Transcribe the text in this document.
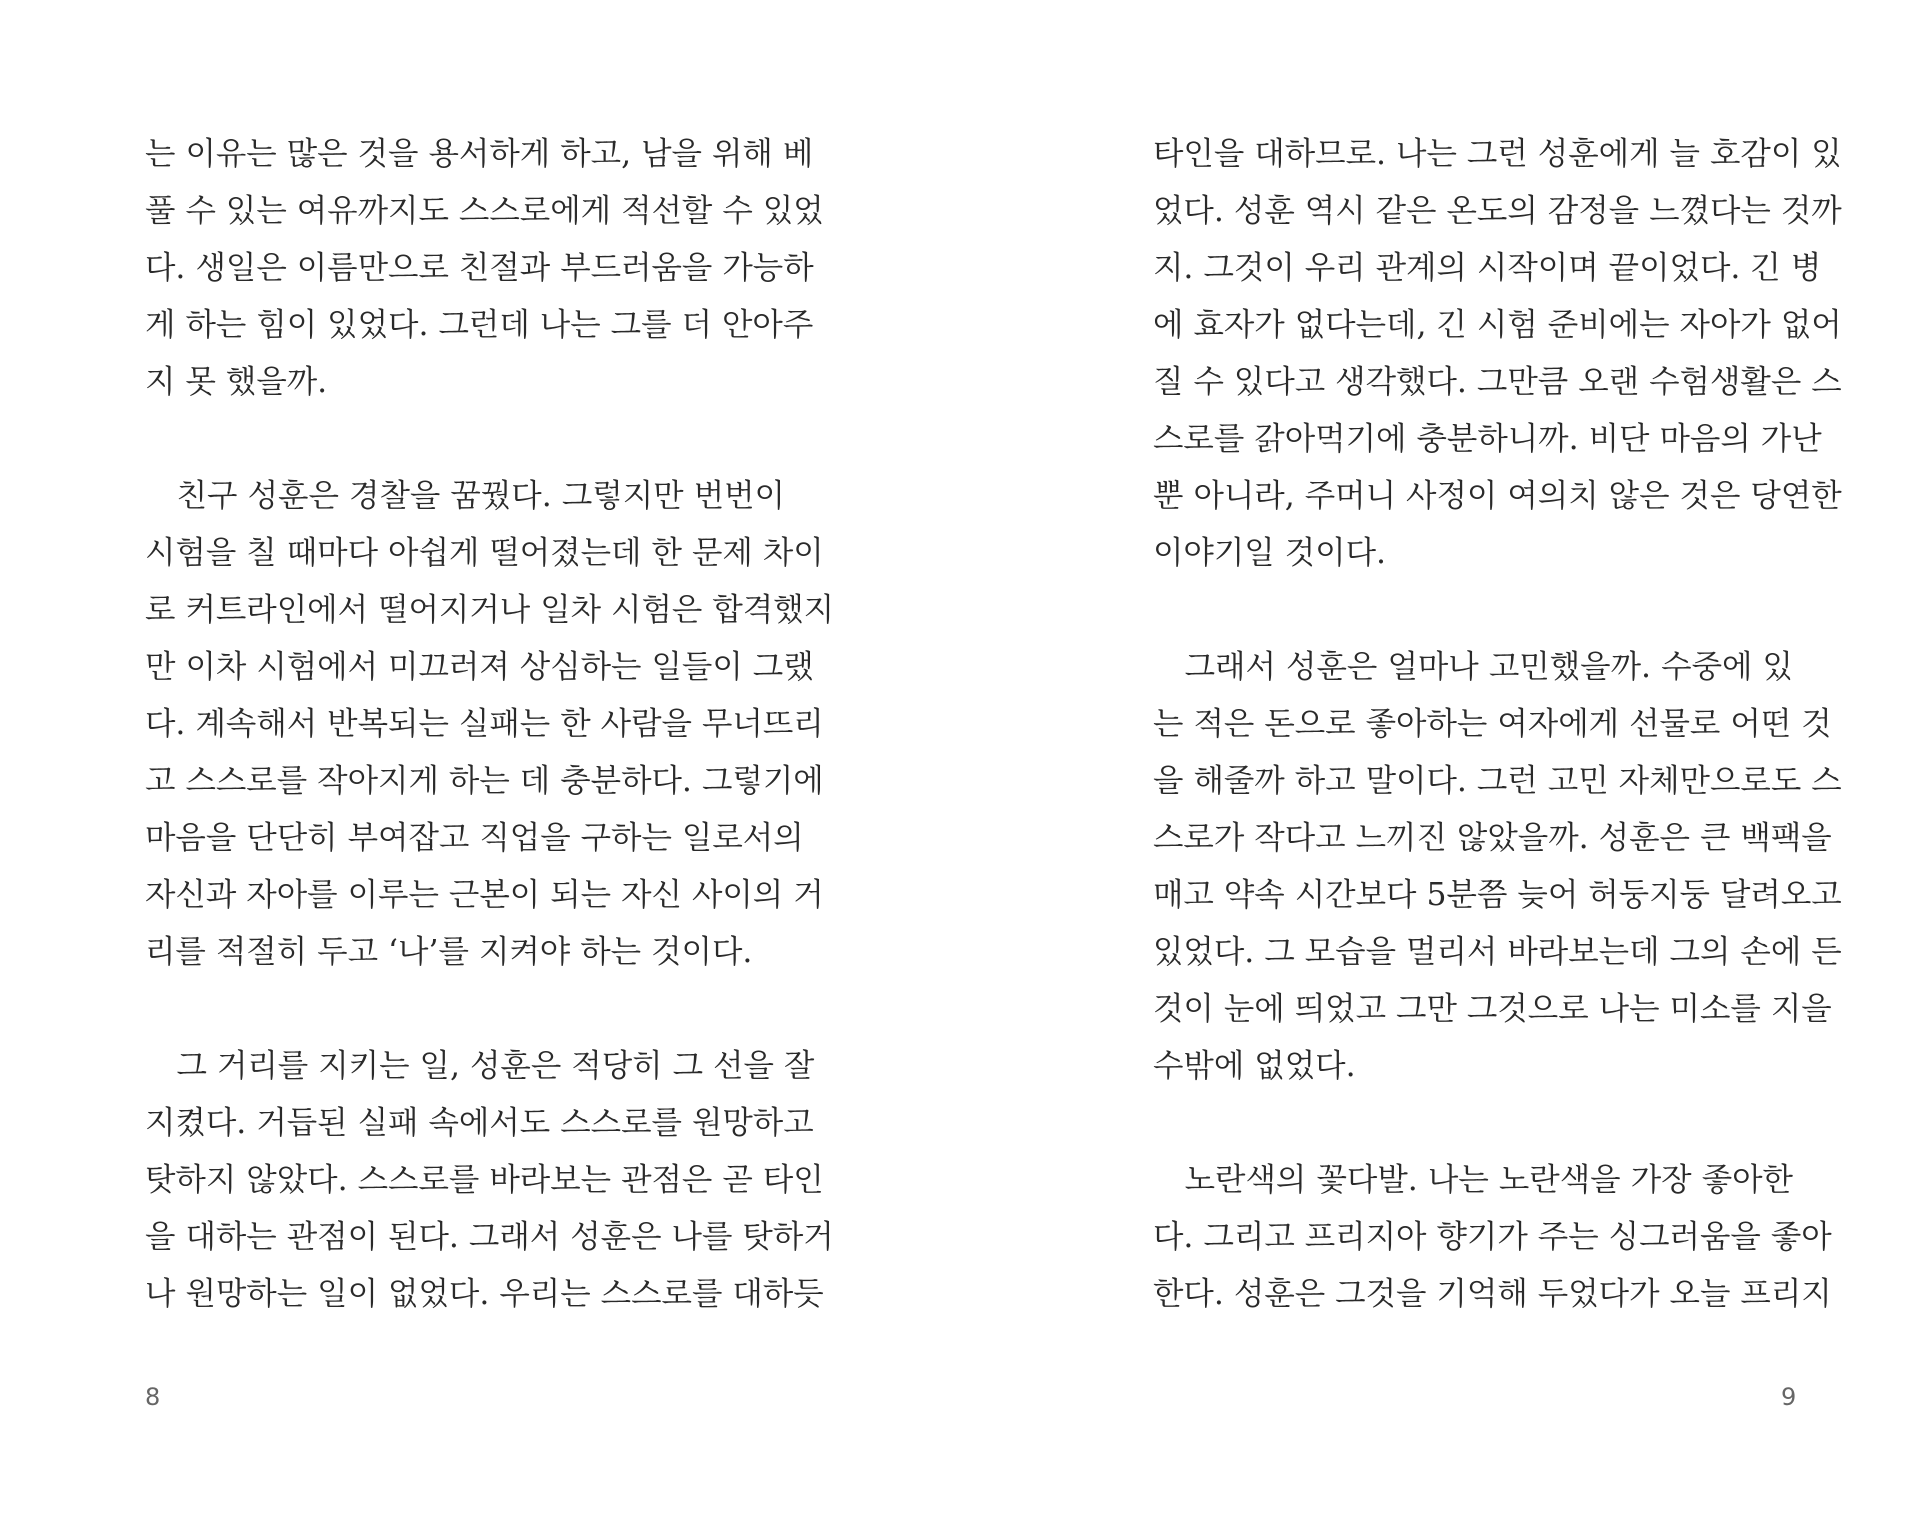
는 이유는 많은 것을 용서하게 하고, 남을 위해 베
풀 수 있는 여유까지도 스스로에게 적선할 수 있었
다. 생일은 이름만으로 친절과 부드러움을 가능하
게 하는 힘이 있었다. 그런데 나는 그를 더 안아주
지 못 했을까.
　친구 성훈은 경찰을 꿈꿨다. 그렇지만 번번이
시험을 칠 때마다 아쉽게 떨어졌는데 한 문제 차이
로 커트라인에서 떨어지거나 일차 시험은 합격했지
만 이차 시험에서 미끄러져 상심하는 일들이 그랬
다. 계속해서 반복되는 실패는 한 사람을 무너뜨리
고 스스로를 작아지게 하는 데 충분하다. 그렇기에
마음을 단단히 부여잡고 직업을 구하는 일로서의
자신과 자아를 이루는 근본이 되는 자신 사이의 거
리를 적절히 두고 ‘나’를 지켜야 하는 것이다.
　그 거리를 지키는 일, 성훈은 적당히 그 선을 잘
지켰다. 거듭된 실패 속에서도 스스로를 원망하고
탓하지 않았다. 스스로를 바라보는 관점은 곧 타인
을 대하는 관점이 된다. 그래서 성훈은 나를 탓하거
나 원망하는 일이 없었다. 우리는 스스로를 대하듯
8
타인을 대하므로. 나는 그런 성훈에게 늘 호감이 있
었다. 성훈 역시 같은 온도의 감정을 느꼈다는 것까
지. 그것이 우리 관계의 시작이며 끝이었다. 긴 병
에 효자가 없다는데, 긴 시험 준비에는 자아가 없어
질 수 있다고 생각했다. 그만큼 오랜 수험생활은 스
스로를 갉아먹기에 충분하니까. 비단 마음의 가난
뿐 아니라, 주머니 사정이 여의치 않은 것은 당연한
이야기일 것이다.
　그래서 성훈은 얼마나 고민했을까. 수중에 있
는 적은 돈으로 좋아하는 여자에게 선물로 어떤 것
을 해줄까 하고 말이다. 그런 고민 자체만으로도 스
스로가 작다고 느끼진 않았을까. 성훈은 큰 백팩을
매고 약속 시간보다 5분쯤 늦어 허둥지둥 달려오고
있었다. 그 모습을 멀리서 바라보는데 그의 손에 든
것이 눈에 띄었고 그만 그것으로 나는 미소를 지을
수밖에 없었다.
　노란색의 꽃다발. 나는 노란색을 가장 좋아한
다. 그리고 프리지아 향기가 주는 싱그러움을 좋아
한다. 성훈은 그것을 기억해 두었다가 오늘 프리지
9
